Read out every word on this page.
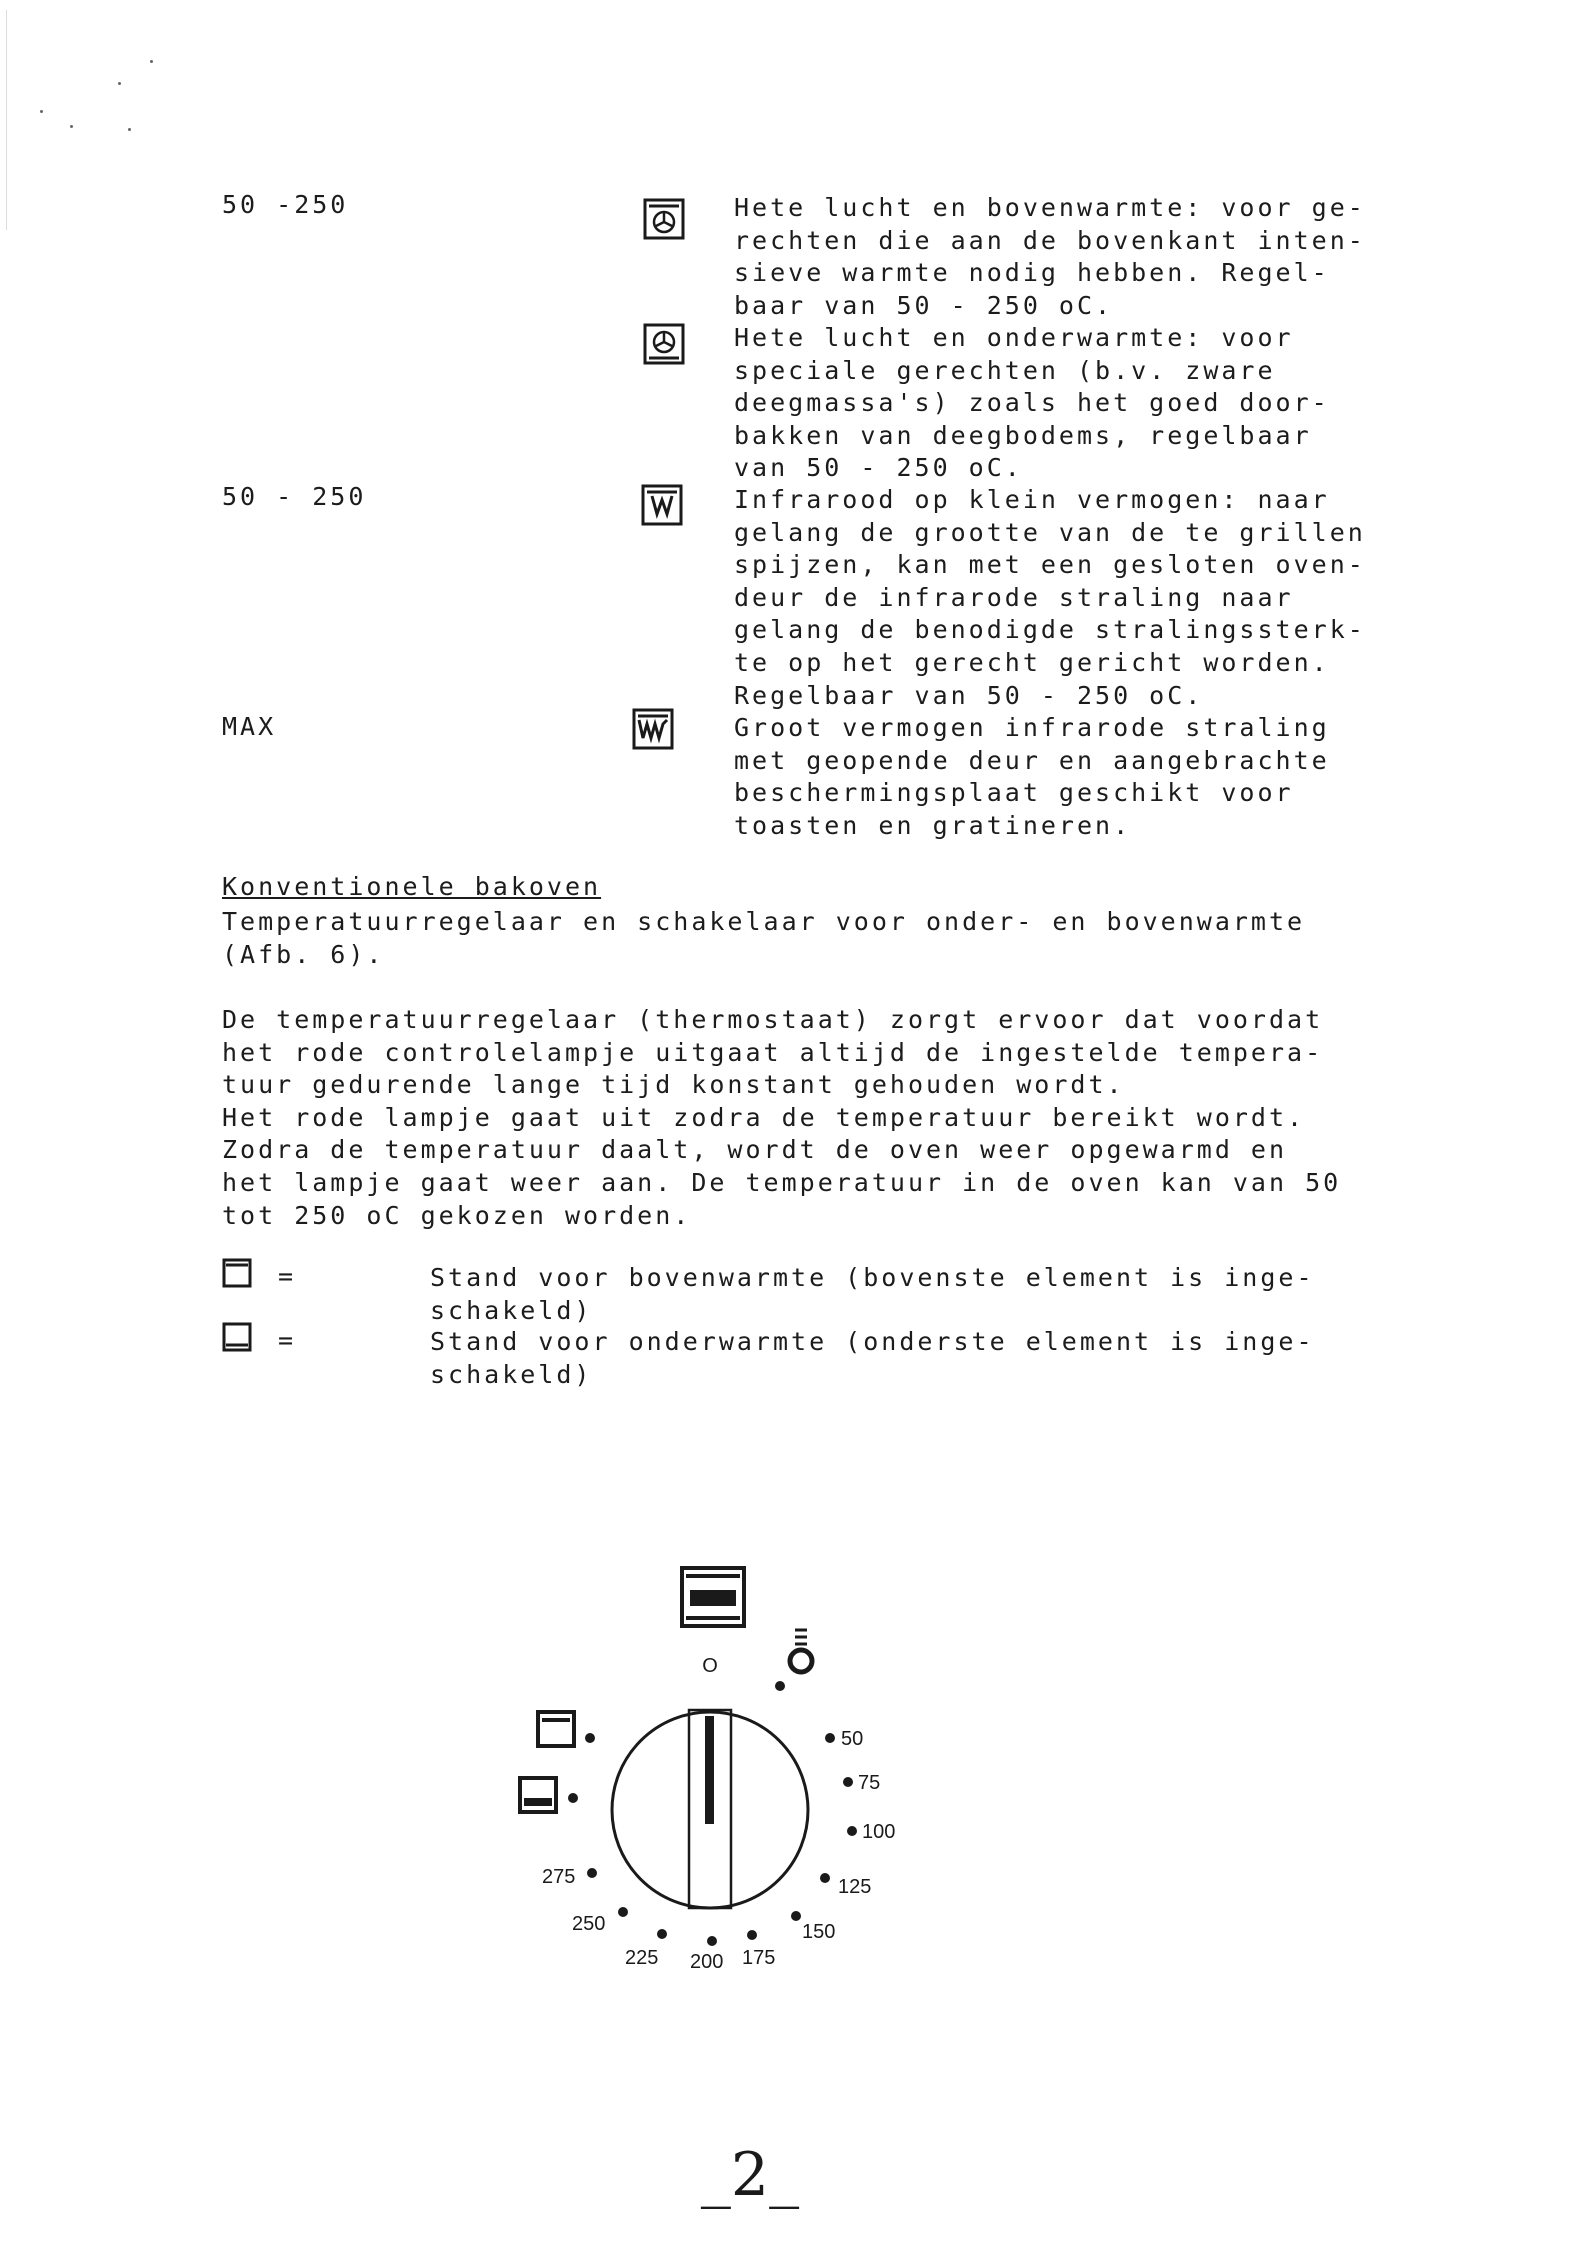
50 -250	Hete lucht en bovenwarmte: voor ge-
rechten die aan de bovenkant inten-
sieve warmte nodig hebben. Regel-
baar van 50 - 250 oC.
Hete lucht en onderwarmte: voor
speciale gerechten (b.v. zware
deegmassa's) zoals het goed door-
bakken van deegbodems, regelbaar
van 50 - 250 oC.
50 - 250	Infrarood op klein vermogen: naar
gelang de grootte van de te grillen
spijzen, kan met een gesloten oven-
deur de infrarode straling naar
gelang de benodigde stralingssterk-
te op het gerecht gericht worden.
Regelbaar van 50 - 250 oC.
MAX	Groot vermogen infrarode straling
met geopende deur en aangebrachte
beschermingsplaat geschikt voor
toasten en gratineren.
Konventionele bakoven
Temperatuurregelaar en schakelaar voor onder- en bovenwarmte
(Afb. 6).
De temperatuurregelaar (thermostaat) zorgt ervoor dat voordat
het rode controlelampje uitgaat altijd de ingestelde tempera-
tuur gedurende lange tijd konstant gehouden wordt.
Het rode lampje gaat uit zodra de temperatuur bereikt wordt.
Zodra de temperatuur daalt, wordt de oven weer opgewarmd en
het lampje gaat weer aan. De temperatuur in de oven kan van 50
tot 250 oC gekozen worden.
=	Stand voor bovenwarmte (bovenste element is inge-
schakeld)
=	Stand voor onderwarmte (onderste element is inge-
schakeld)
O
50
75
100
125
150
175
200
225
250
275
_2_
